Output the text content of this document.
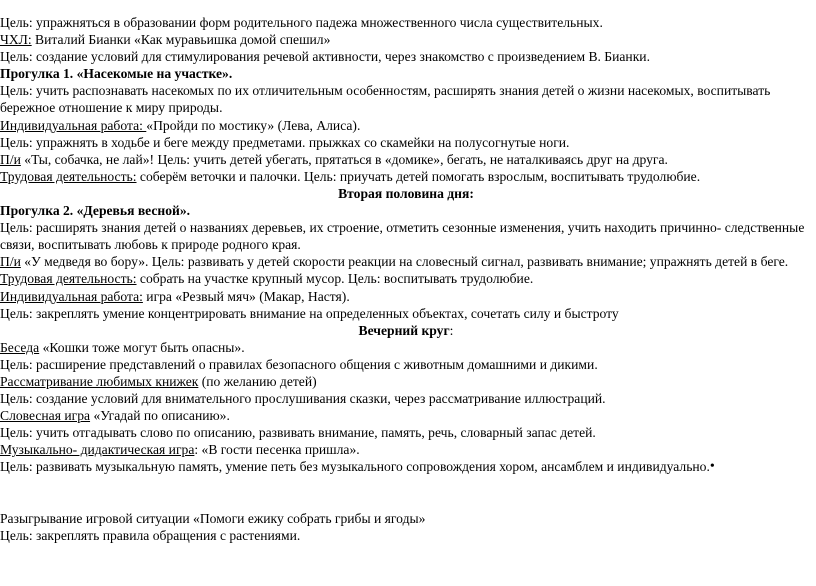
Цель: упражняться в образовании форм родительного падежа множественного числа существительных.
ЧХЛ: Виталий Бианки «Как муравьишка домой спешил»
Цель: создание условий для стимулирования речевой активности, через знакомство с произведением В. Бианки.
Прогулка 1. «Насекомые на участке».
Цель: учить распознавать насекомых по их отличительным особенностям, расширять знания детей о жизни насекомых, воспитывать бережное отношение к миру природы.
Индивидуальная работа: «Пройди по мостику» (Лева, Алиса).
Цель: упражнять в ходьбе и беге между предметами. прыжках со скамейки на полусогнутые ноги.
П/и «Ты, собачка, не лай»! Цель: учить детей убегать, прятаться в «домике», бегать, не наталкиваясь друг на друга.
Трудовая деятельность: соберём веточки и палочки. Цель: приучать детей помогать взрослым, воспитывать трудолюбие.
Вторая половина дня:
Прогулка 2. «Деревья весной».
Цель: расширять знания детей о названиях деревьев, их строение, отметить сезонные изменения, учить находить причинно- следственные связи, воспитывать любовь к природе родного края.
П/и «У медведя во бору». Цель: развивать у детей скорости реакции на словесный сигнал, развивать внимание; упражнять детей в беге.
Трудовая деятельность: собрать на участке крупный мусор. Цель: воспитывать трудолюбие.
Индивидуальная работа: игра «Резвый мяч» (Макар, Настя).
Цель: закреплять умение концентрировать внимание на определенных объектах, сочетать силу и быстроту
Вечерний круг:
Беседа «Кошки тоже могут быть опасны».
Цель: расширение представлений о правилах безопасного общения с животным домашними и дикими.
Рассматривание любимых книжек (по желанию детей)
Цель: создание условий для внимательного прослушивания сказки, через рассматривание иллюстраций.
Словесная игра «Угадай по описанию».
Цель: учить отгадывать слово по описанию, развивать внимание, память, речь, словарный запас детей.
Музыкально- дидактическая игра: «В гости песенка пришла».
Цель: развивать музыкальную память, умение петь без музыкального сопровождения хором, ансамблем и индивидуально.•
Разыгрывание игровой ситуации «Помоги ежику собрать грибы и ягоды»
Цель: закреплять правила обращения с растениями.
